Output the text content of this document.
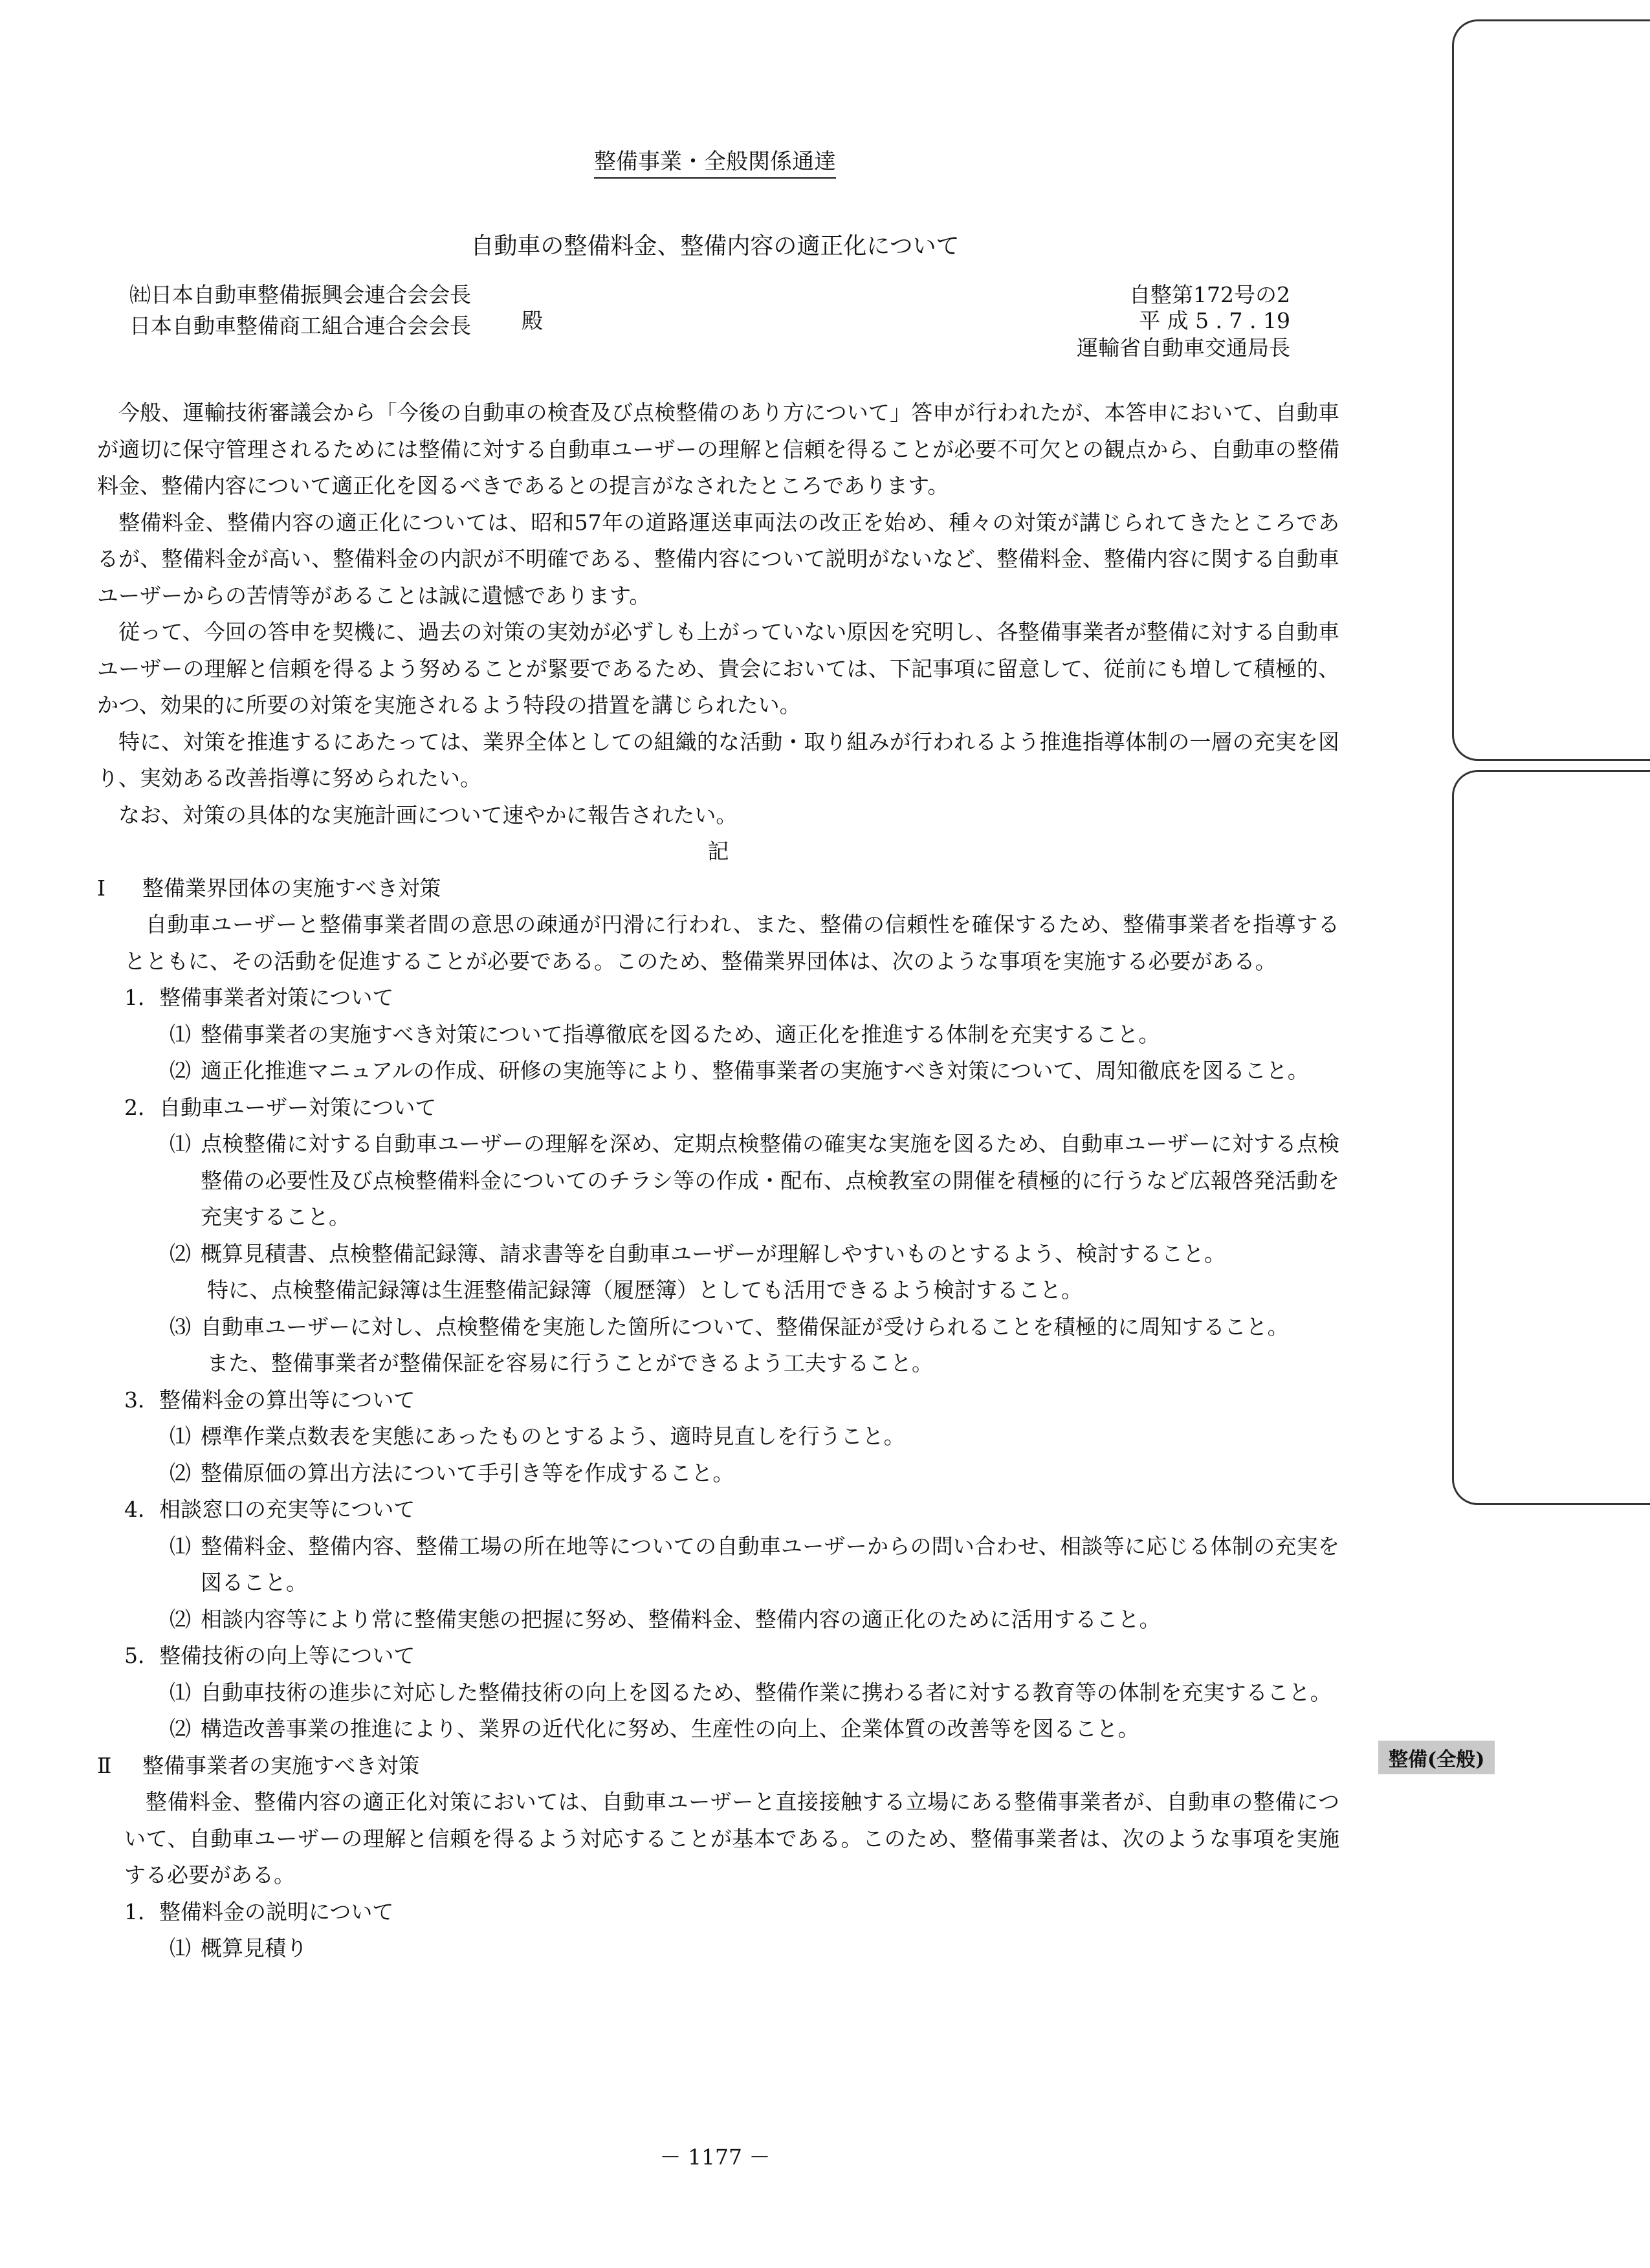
整備事業・全般関係通達
自動車の整備料金、整備内容の適正化について
㈳日本自動車整備振興会連合会会長
日本自動車整備商工組合連合会会長 殿
自整第172号の2
平 成 5 . 7 . 19
運輸省自動車交通局長

今般、運輸技術審議会から「今後の自動車の検査及び点検整備のあり方について」答申が行われたが、本答申において、自動車が適切に保守管理されるためには整備に対する自動車ユーザーの理解と信頼を得ることが必要不可欠との観点から、自動車の整備料金、整備内容について適正化を図るべきであるとの提言がなされたところであります。

整備料金、整備内容の適正化については、昭和57年の道路運送車両法の改正を始め、種々の対策が講じられてきたところであるが、整備料金が高い、整備料金の内訳が不明確である、整備内容について説明がないなど、整備料金、整備内容に関する自動車ユーザーからの苦情等があることは誠に遺憾であります。

従って、今回の答申を契機に、過去の対策の実効が必ずしも上がっていない原因を究明し、各整備事業者が整備に対する自動車ユーザーの理解と信頼を得るよう努めることが緊要であるため、貴会においては、下記事項に留意して、従前にも増して積極的、かつ、効果的に所要の対策を実施されるよう特段の措置を講じられたい。

特に、対策を推進するにあたっては、業界全体としての組織的な活動・取り組みが行われるよう推進指導体制の一層の充実を図り、実効ある改善指導に努められたい。

なお、対策の具体的な実施計画について速やかに報告されたい。

記

Ⅰ 整備業界団体の実施すべき対策

自動車ユーザーと整備事業者間の意思の疎通が円滑に行われ、また、整備の信頼性を確保するため、整備事業者を指導するとともに、その活動を促進することが必要である。このため、整備業界団体は、次のような事項を実施する必要がある。

1．整備事業者対策について

⑴ 整備事業者の実施すべき対策について指導徹底を図るため、適正化を推進する体制を充実すること。

⑵ 適正化推進マニュアルの作成、研修の実施等により、整備事業者の実施すべき対策について、周知徹底を図ること。

2．自動車ユーザー対策について

⑴ 点検整備に対する自動車ユーザーの理解を深め、定期点検整備の確実な実施を図るため、自動車ユーザーに対する点検整備の必要性及び点検整備料金についてのチラシ等の作成・配布、点検教室の開催を積極的に行うなど広報啓発活動を充実すること。

⑵ 概算見積書、点検整備記録簿、請求書等を自動車ユーザーが理解しやすいものとするよう、検討すること。

特に、点検整備記録簿は生涯整備記録簿（履歴簿）としても活用できるよう検討すること。

⑶ 自動車ユーザーに対し、点検整備を実施した箇所について、整備保証が受けられることを積極的に周知すること。

また、整備事業者が整備保証を容易に行うことができるよう工夫すること。

3．整備料金の算出等について

⑴ 標準作業点数表を実態にあったものとするよう、適時見直しを行うこと。

⑵ 整備原価の算出方法について手引き等を作成すること。

4．相談窓口の充実等について

⑴ 整備料金、整備内容、整備工場の所在地等についての自動車ユーザーからの問い合わせ、相談等に応じる体制の充実を図ること。

⑵ 相談内容等により常に整備実態の把握に努め、整備料金、整備内容の適正化のために活用すること。

5．整備技術の向上等について

⑴ 自動車技術の進歩に対応した整備技術の向上を図るため、整備作業に携わる者に対する教育等の体制を充実すること。

⑵ 構造改善事業の推進により、業界の近代化に努め、生産性の向上、企業体質の改善等を図ること。

Ⅱ 整備事業者の実施すべき対策

整備料金、整備内容の適正化対策においては、自動車ユーザーと直接接触する立場にある整備事業者が、自動車の整備について、自動車ユーザーの理解と信頼を得るよう対応することが基本である。このため、整備事業者は、次のような事項を実施する必要がある。

1．整備料金の説明について

⑴ 概算見積り

整備(全般)
－ 1177 －
